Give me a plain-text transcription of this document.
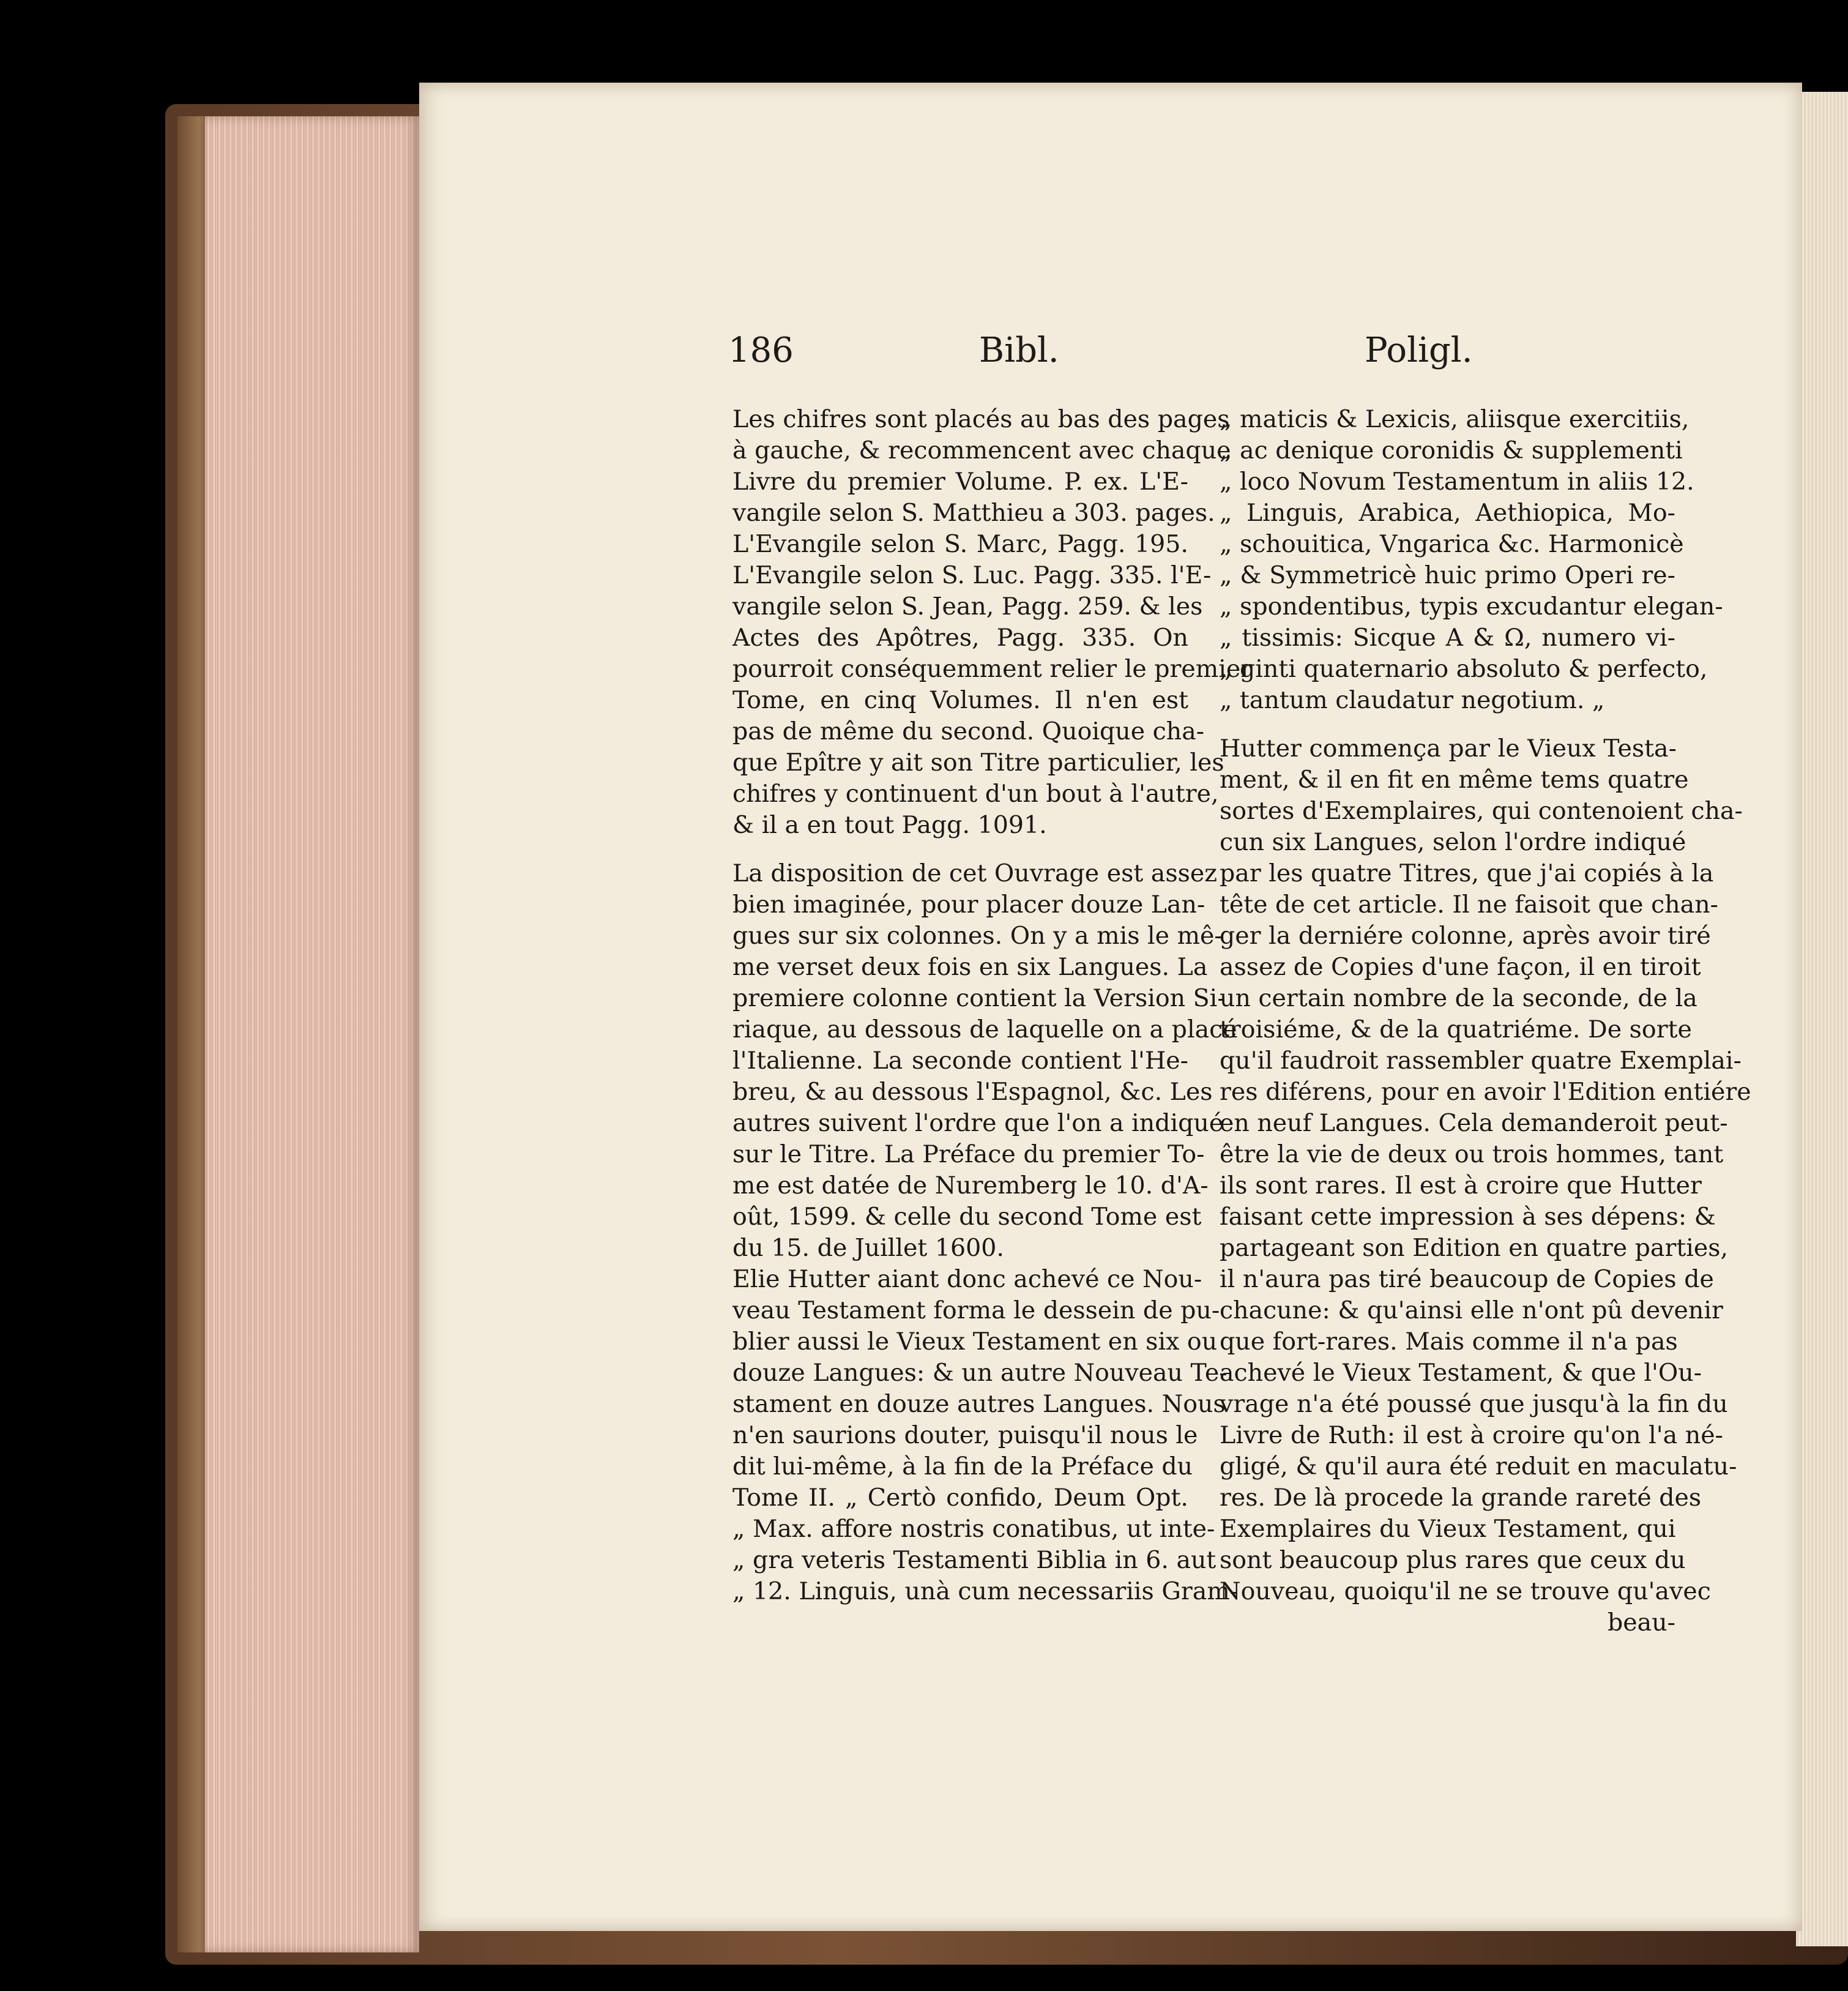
186	Bibl.	Poligl.
Les chifres sont placés au bas des pages
à gauche, & recommencent avec chaque
Livre du premier Volume. P. ex. L'E-
vangile selon S. Matthieu a 303. pages.
L'Evangile selon S. Marc, Pagg. 195.
L'Evangile selon S. Luc. Pagg. 335. l'E-
vangile selon S. Jean, Pagg. 259. & les
Actes des Apôtres, Pagg. 335. On
pourroit conséquemment relier le premier
Tome, en cinq Volumes. Il n'en est
pas de même du second. Quoique cha-
que Epître y ait son Titre particulier, les
chifres y continuent d'un bout à l'autre,
& il a en tout Pagg. 1091.
La disposition de cet Ouvrage est assez
bien imaginée, pour placer douze Lan-
gues sur six colonnes. On y a mis le mê-
me verset deux fois en six Langues. La
premiere colonne contient la Version Si-
riaque, au dessous de laquelle on a placé
l'Italienne. La seconde contient l'He-
breu, & au dessous l'Espagnol, &c. Les
autres suivent l'ordre que l'on a indiqué
sur le Titre. La Préface du premier To-
me est datée de Nuremberg le 10. d'A-
oût, 1599. & celle du second Tome est
du 15. de Juillet 1600.
Elie Hutter aiant donc achevé ce Nou-
veau Testament forma le dessein de pu-
blier aussi le Vieux Testament en six ou
douze Langues: & un autre Nouveau Te-
stament en douze autres Langues. Nous
n'en saurions douter, puisqu'il nous le
dit lui-même, à la fin de la Préface du
Tome II. „ Certò confido, Deum Opt.
„ Max. affore nostris conatibus, ut inte-
„ gra veteris Testamenti Biblia in 6. aut
„ 12. Linguis, unà cum necessariis Gram-
„ maticis & Lexicis, aliisque exercitiis,
„ ac denique coronidis & supplementi
„ loco Novum Testamentum in aliis 12.
„ Linguis, Arabica, Aethiopica, Mo-
„ schouitica, Vngarica &c. Harmonicè
„ & Symmetricè huic primo Operi re-
„ spondentibus, typis excudantur elegan-
„ tissimis: Sicque A & Ω, numero vi-
„ ginti quaternario absoluto & perfecto,
„ tantum claudatur negotium. „
Hutter commença par le Vieux Testa-
ment, & il en fit en même tems quatre
sortes d'Exemplaires, qui contenoient cha-
cun six Langues, selon l'ordre indiqué
par les quatre Titres, que j'ai copiés à la
tête de cet article. Il ne faisoit que chan-
ger la derniére colonne, après avoir tiré
assez de Copies d'une façon, il en tiroit
un certain nombre de la seconde, de la
troisiéme, & de la quatriéme. De sorte
qu'il faudroit rassembler quatre Exemplai-
res diférens, pour en avoir l'Edition entiére
en neuf Langues. Cela demanderoit peut-
être la vie de deux ou trois hommes, tant
ils sont rares. Il est à croire que Hutter
faisant cette impression à ses dépens: &
partageant son Edition en quatre parties,
il n'aura pas tiré beaucoup de Copies de
chacune: & qu'ainsi elle n'ont pû devenir
que fort-rares. Mais comme il n'a pas
achevé le Vieux Testament, & que l'Ou-
vrage n'a été poussé que jusqu'à la fin du
Livre de Ruth: il est à croire qu'on l'a né-
gligé, & qu'il aura été reduit en maculatu-
res. De là procede la grande rareté des
Exemplaires du Vieux Testament, qui
sont beaucoup plus rares que ceux du
Nouveau, quoiqu'il ne se trouve qu'avec
beau-
